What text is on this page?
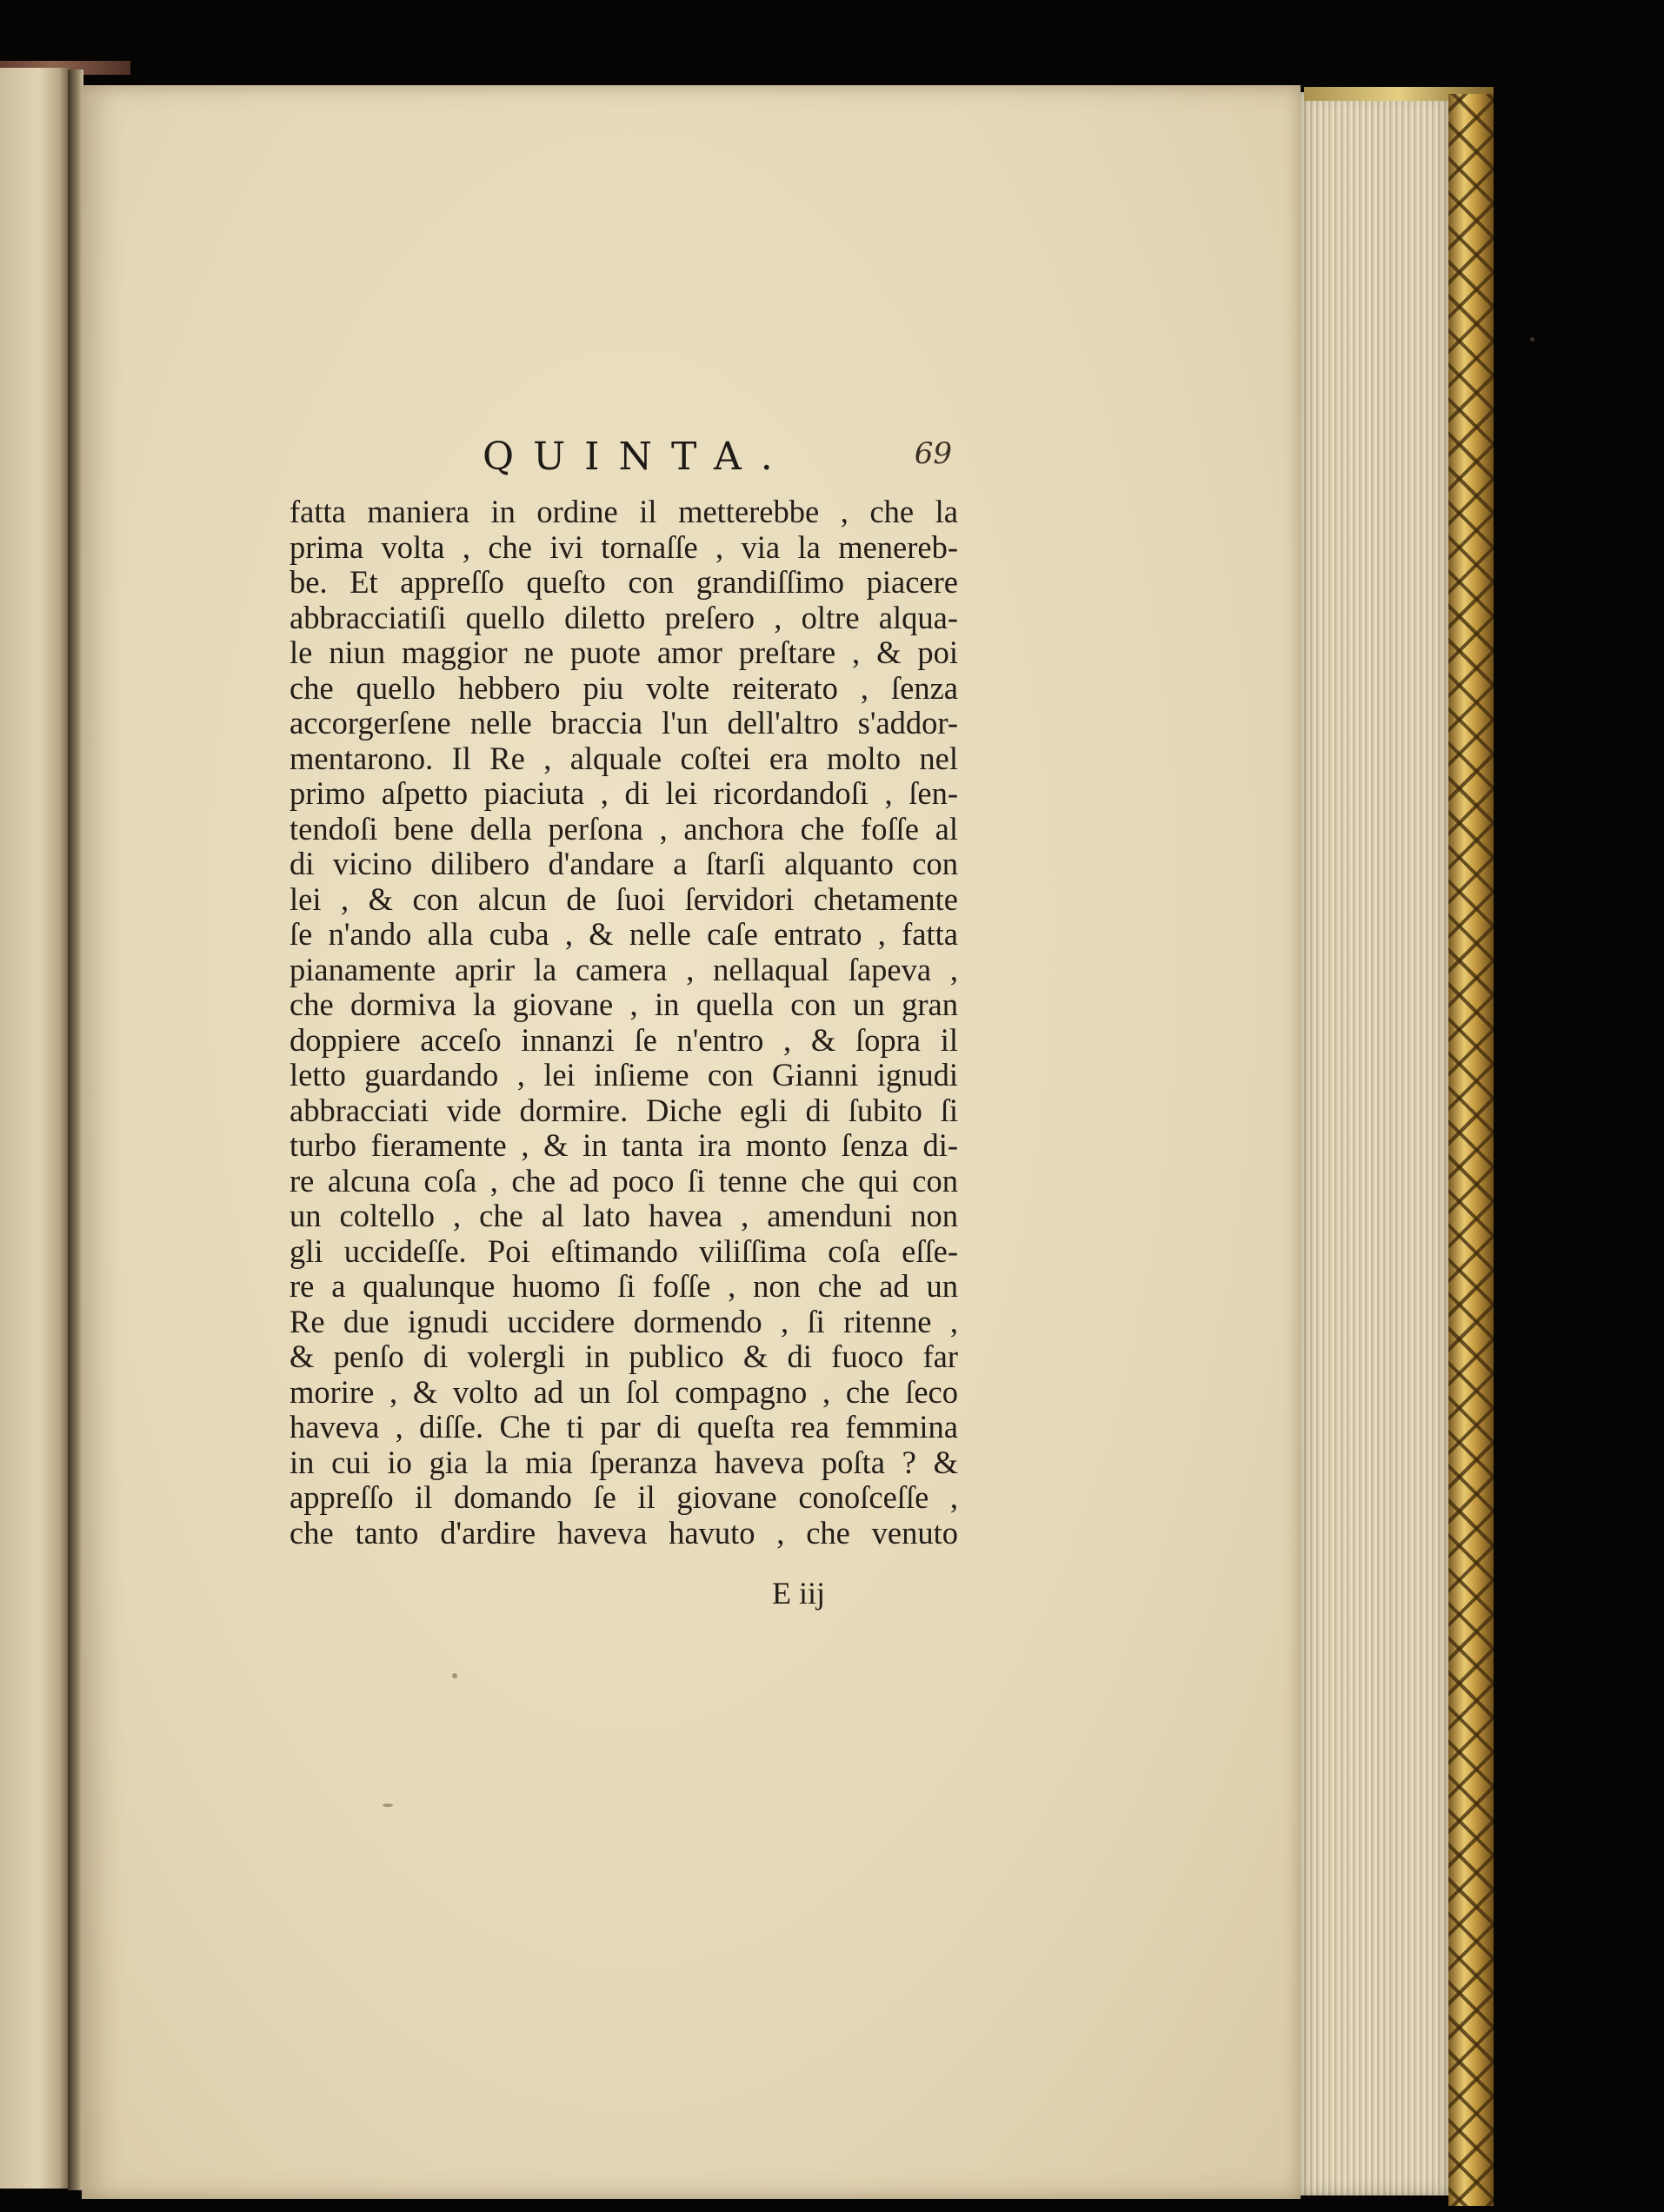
QUINTA.	69
fatta maniera in ordine il metterebbe , che la
prima volta , che ivi tornaſſe , via la menereb-
be. Et appreſſo queſto con grandiſſimo piacere
abbracciatiſi quello diletto preſero , oltre alqua-
le niun maggior ne puote amor preſtare , & poi
che quello hebbero piu volte reiterato , ſenza
accorgerſene nelle braccia l'un dell'altro s'addor-
mentarono. Il Re , alquale coſtei era molto nel
primo aſpetto piaciuta , di lei ricordandoſi , ſen-
tendoſi bene della perſona , anchora che foſſe al
di vicino dilibero d'andare a ſtarſi alquanto con
lei , & con alcun de ſuoi ſervidori chetamente
ſe n'ando alla cuba , & nelle caſe entrato , fatta
pianamente aprir la camera , nellaqual ſapeva ,
che dormiva la giovane , in quella con un gran
doppiere acceſo innanzi ſe n'entro , & ſopra il
letto guardando , lei inſieme con Gianni ignudi
abbracciati vide dormire. Diche egli di ſubito ſi
turbo fieramente , & in tanta ira monto ſenza di-
re alcuna coſa , che ad poco ſi tenne che qui con
un coltello , che al lato havea , amenduni non
gli uccideſſe. Poi eſtimando viliſſima coſa eſſe-
re a qualunque huomo ſi foſſe , non che ad un
Re due ignudi uccidere dormendo , ſi ritenne ,
& penſo di volergli in publico & di fuoco far
morire , & volto ad un ſol compagno , che ſeco
haveva , diſſe. Che ti par di queſta rea femmina
in cui io gia la mia ſperanza haveva poſta ? &
appreſſo il domando ſe il giovane conoſceſſe ,
che tanto d'ardire haveva havuto , che venuto
E iij
